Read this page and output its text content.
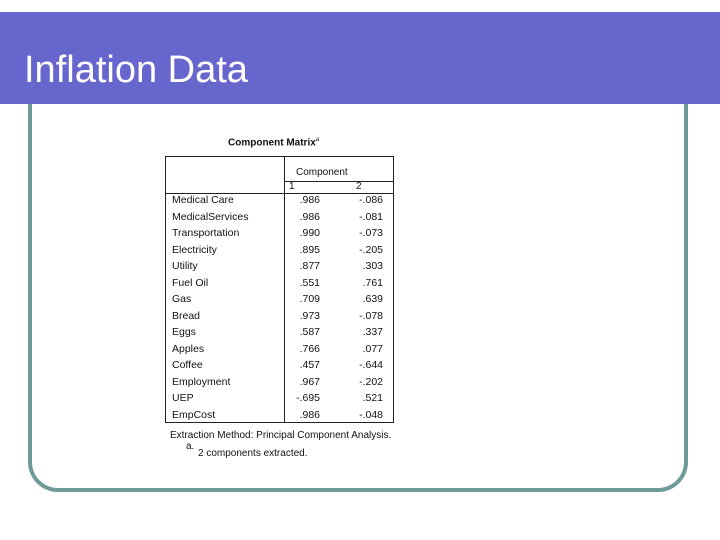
Inflation Data
Component Matrix$^a$
Component
1	2
Medical Care	.986	-.086
MedicalServices	.986	-.081
Transportation	.990	-.073
Electricity	.895	-.205
Utility	.877	.303
Fuel Oil	.551	.761
Gas	.709	.639
Bread	.973	-.078
Eggs	.587	.337
Apples	.766	.077
Coffee	.457	-.644
Employment	.967	-.202
UEP	-.695	.521
EmpCost	.986	-.048
Extraction Method: Principal Component Analysis.
a.
2 components extracted.
